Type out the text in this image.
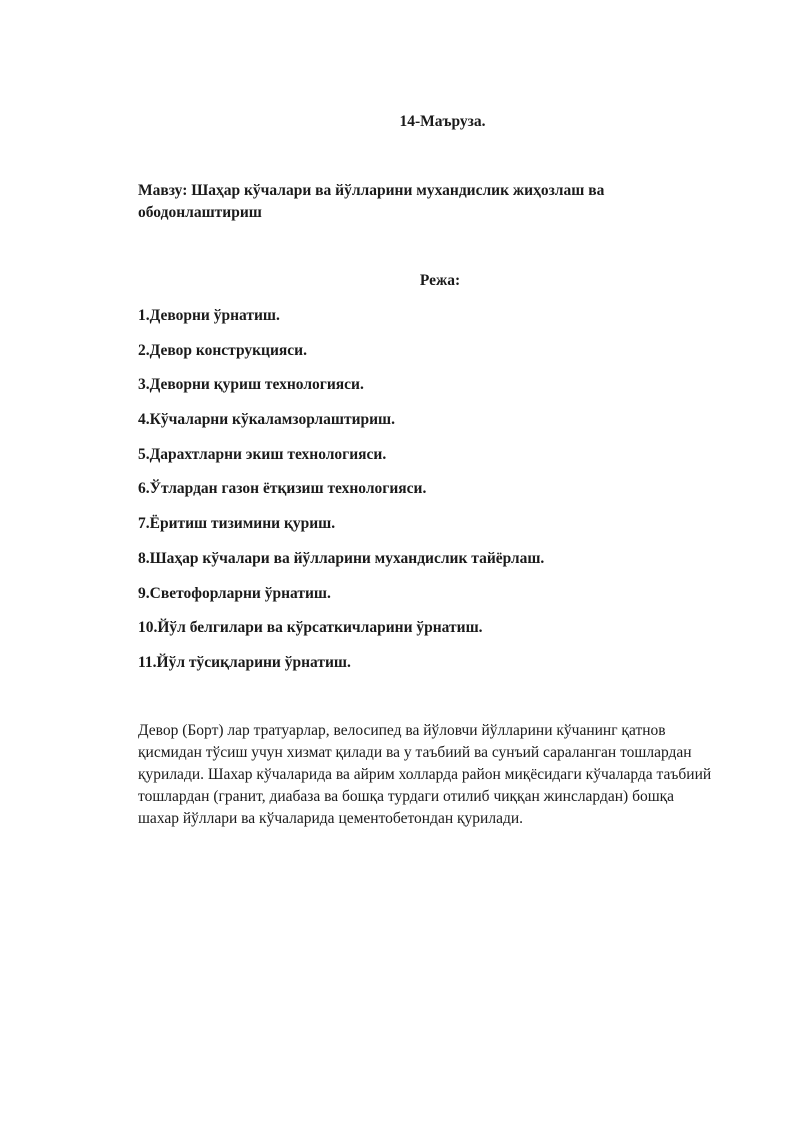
14-Маъруза.
Мавзу: Шаҳар кўчалари ва йўлларини мухандислик жиҳозлаш ва
ободонлаштириш
Режа:
1.Деворни ўрнатиш.
2.Девор конструкцияси.
3.Деворни қуриш технологияси.
4.Кўчаларни кўкаламзорлаштириш.
5.Дарахтларни экиш технологияси.
6.Ўтлардан газон ётқизиш технологияси.
7.Ёритиш тизимини қуриш.
8.Шаҳар кўчалари ва йўлларини мухандислик тайёрлаш.
9.Светофорларни ўрнатиш.
10.Йўл белгилари ва кўрсаткичларини ўрнатиш.
11.Йўл тўсиқларини ўрнатиш.

Девор (Борт) лар тратуарлар, велосипед ва йўловчи йўлларини кўчанинг қатнов
қисмидан тўсиш учун хизмат қилади ва у таъбиий ва сунъий сараланган тошлардан
қурилади. Шахар кўчаларида ва айрим холларда район миқёсидаги кўчаларда таъбиий
тошлардан (гранит, диабаза ва бошқа турдаги отилиб чиққан жинслардан) бошқа
шахар йўллари ва кўчаларида цементобетондан қурилади.
